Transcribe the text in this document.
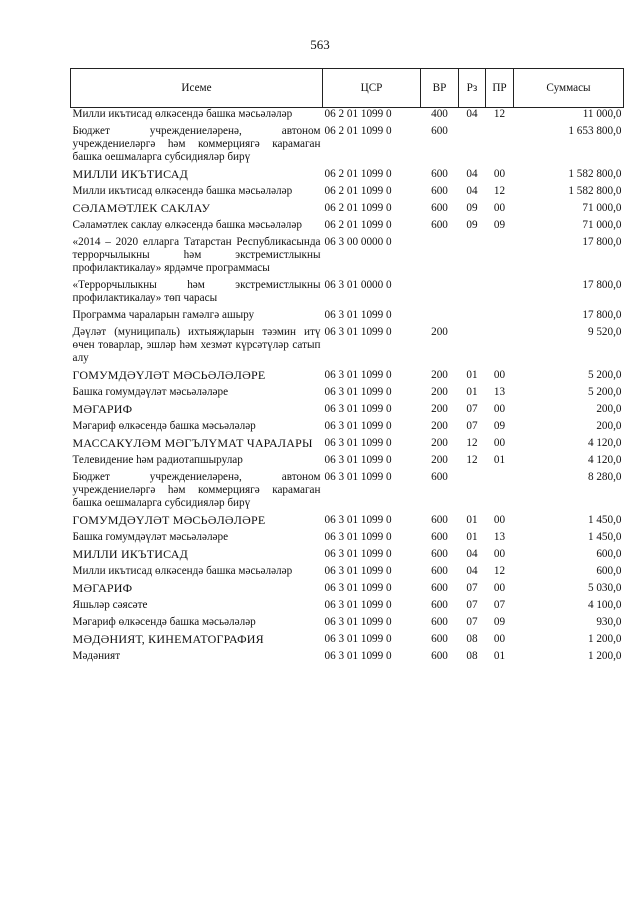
563
Исеме	ЦСР	ВР	Рз	ПР	Суммасы
Милли икътисад өлкәсендә башка мәсьәләләр	06 2 01 1099 0	400	04	12	11 000,0
Бюджет учреждениеләренә, автоном учреждениеләргә һәм коммерциягә карамаган башка оешмаларга субсидияләр бирү	06 2 01 1099 0	600			1 653 800,0
МИЛЛИ ИКЪТИСАД	06 2 01 1099 0	600	04	00	1 582 800,0
Милли икътисад өлкәсендә башка мәсьәләләр	06 2 01 1099 0	600	04	12	1 582 800,0
СӘЛАМӘТЛЕК САКЛАУ	06 2 01 1099 0	600	09	00	71 000,0
Сәламәтлек саклау өлкәсендә башка мәсьәләләр	06 2 01 1099 0	600	09	09	71 000,0
«2014 – 2020 елларга Татарстан Республикасында террорчылыкны һәм экстремистлыкны профилактикалау» ярдәмче программасы	06 3 00 0000 0				17 800,0
«Террорчылыкны һәм экстремистлыкны профилактикалау» төп чарасы	06 3 01 0000 0				17 800,0
Программа чараларын гамәлгә ашыру	06 3 01 1099 0				17 800,0
Дәүләт (муниципаль) ихтыяҗларын тәэмин итү өчен товарлар, эшләр һәм хезмәт күрсәтүләр сатып алу	06 3 01 1099 0	200			9 520,0
ГОМУМДӘҮЛӘТ МӘСЬӘЛӘЛӘРЕ	06 3 01 1099 0	200	01	00	5 200,0
Башка гомумдәүләт мәсьәләләре	06 3 01 1099 0	200	01	13	5 200,0
МӘГАРИФ	06 3 01 1099 0	200	07	00	200,0
Мәгариф өлкәсендә башка мәсьәләләр	06 3 01 1099 0	200	07	09	200,0
МАССАКҮЛӘМ МӘГЪЛҮМАТ ЧАРАЛАРЫ	06 3 01 1099 0	200	12	00	4 120,0
Телевидение һәм радиотапшырулар	06 3 01 1099 0	200	12	01	4 120,0
Бюджет учреждениеләренә, автоном учреждениеләргә һәм коммерциягә карамаган башка оешмаларга субсидияләр бирү	06 3 01 1099 0	600			8 280,0
ГОМУМДӘҮЛӘТ МӘСЬӘЛӘЛӘРЕ	06 3 01 1099 0	600	01	00	1 450,0
Башка гомумдәүләт мәсьәләләре	06 3 01 1099 0	600	01	13	1 450,0
МИЛЛИ ИКЪТИСАД	06 3 01 1099 0	600	04	00	600,0
Милли икътисад өлкәсендә башка мәсьәләләр	06 3 01 1099 0	600	04	12	600,0
МӘГАРИФ	06 3 01 1099 0	600	07	00	5 030,0
Яшьләр сәясәте	06 3 01 1099 0	600	07	07	4 100,0
Мәгариф өлкәсендә башка мәсьәләләр	06 3 01 1099 0	600	07	09	930,0
МӘДӘНИЯТ, КИНЕМАТОГРАФИЯ	06 3 01 1099 0	600	08	00	1 200,0
Мәдәният	06 3 01 1099 0	600	08	01	1 200,0
